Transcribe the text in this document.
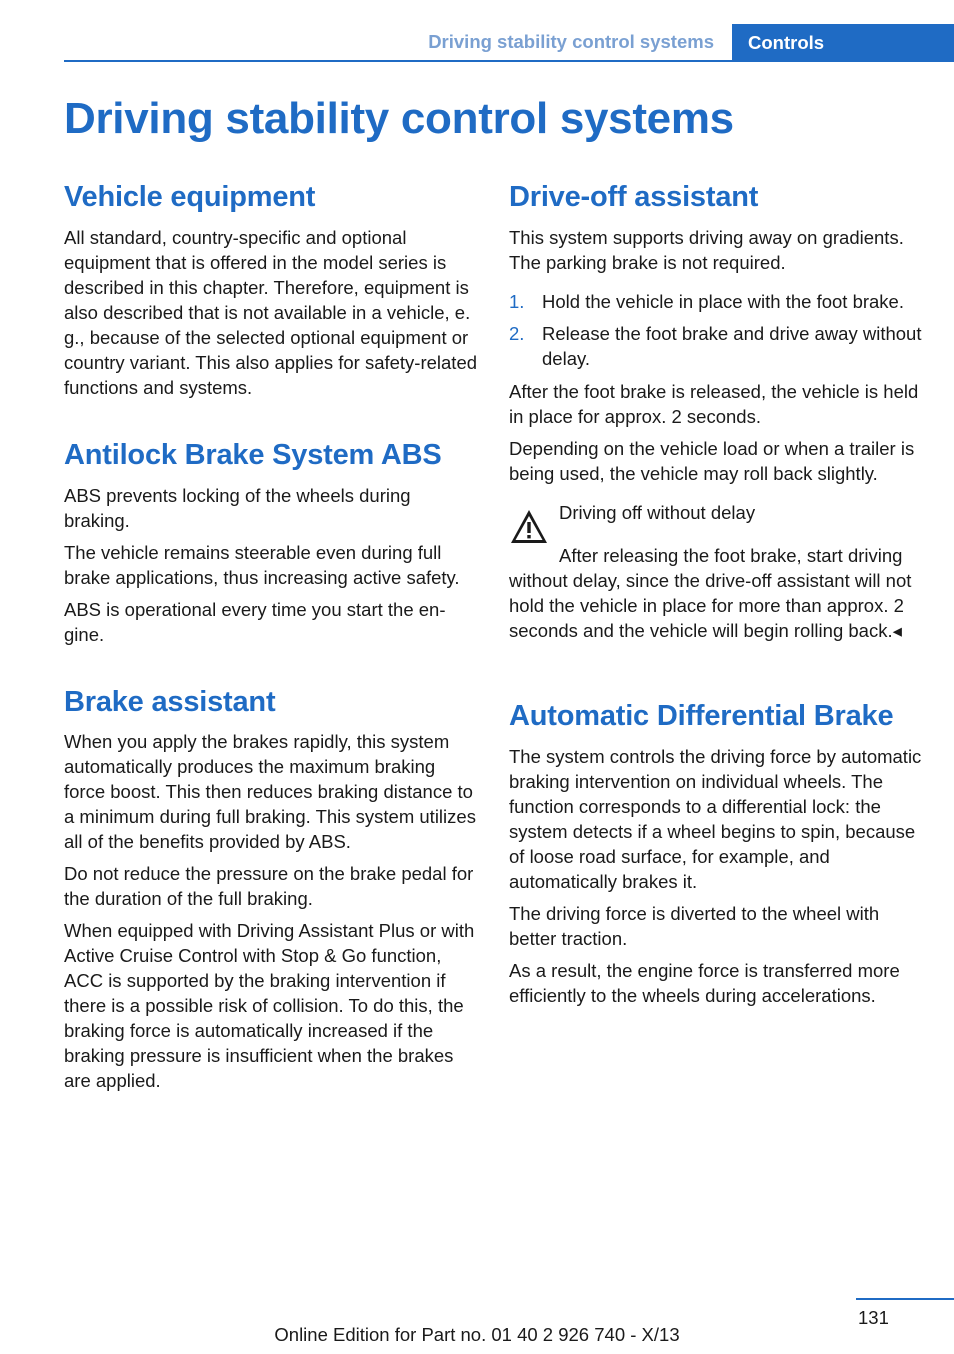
Driving stability control systems	Controls
Driving stability control systems
Vehicle equipment

All standard, country-specific and optional equipment that is offered in the model series is described in this chapter. Therefore, equipment is also described that is not available in a vehicle, e. g., because of the selected optional equipment or country variant. This also applies for safety-related functions and systems.

Antilock Brake System ABS

ABS prevents locking of the wheels during braking.

The vehicle remains steerable even during full brake applications, thus increasing active safety.

ABS is operational every time you start the engine.

Brake assistant

When you apply the brakes rapidly, this system automatically produces the maximum braking force boost. This then reduces braking distance to a minimum during full braking. This system utilizes all of the benefits provided by ABS.

Do not reduce the pressure on the brake pedal for the duration of the full braking.

When equipped with Driving Assistant Plus or with Active Cruise Control with Stop & Go function, ACC is supported by the braking intervention if there is a possible risk of collision. To do this, the braking force is automatically increased if the braking pressure is insufficient when the brakes are applied.

Drive-off assistant

This system supports driving away on gradients. The parking brake is not required.

1. Hold the vehicle in place with the foot brake.
2. Release the foot brake and drive away without delay.

After the foot brake is released, the vehicle is held in place for approx. 2 seconds.

Depending on the vehicle load or when a trailer is being used, the vehicle may roll back slightly.

Driving off without delay

After releasing the foot brake, start driving without delay, since the drive-off assistant will not hold the vehicle in place for more than approx. 2 seconds and the vehicle will begin rolling back.◂

Automatic Differential Brake

The system controls the driving force by automatic braking intervention on individual wheels. The function corresponds to a differential lock: the system detects if a wheel begins to spin, because of loose road surface, for example, and automatically brakes it.

The driving force is diverted to the wheel with better traction.

As a result, the engine force is transferred more efficiently to the wheels during accelerations.

131
Online Edition for Part no. 01 40 2 926 740 - X/13
